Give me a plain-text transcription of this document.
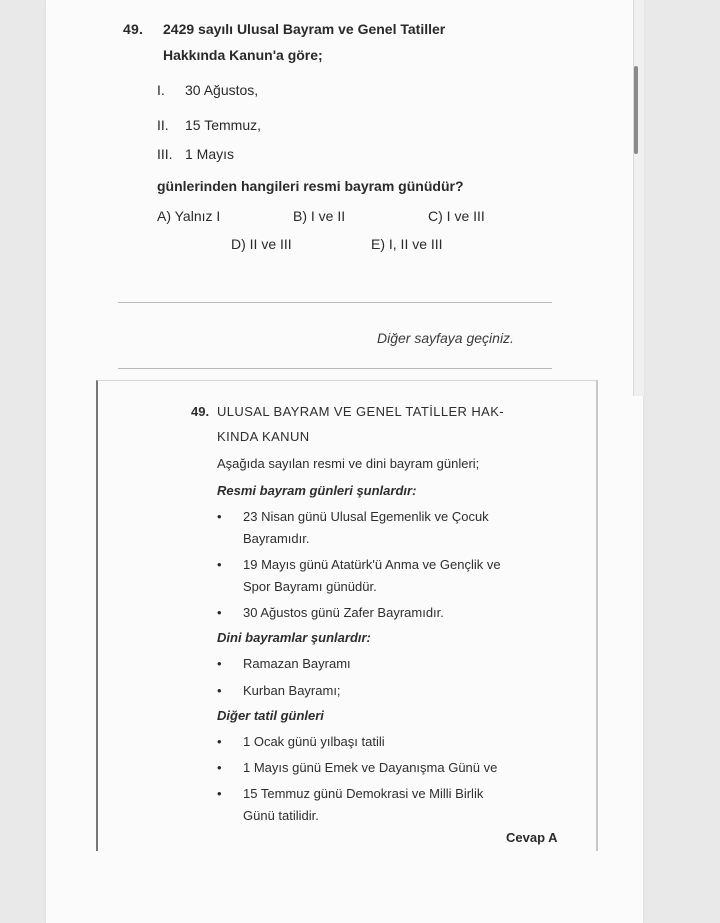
49. 2429 sayılı Ulusal Bayram ve Genel Tatiller
Hakkında Kanun'a göre;
I. 30 Ağustos,
II. 15 Temmuz,
III. 1 Mayıs
günlerinden hangileri resmi bayram günüdür?
A) Yalnız I	B) I ve II	C) I ve III
D) II ve III	E) I, II ve III
Diğer sayfaya geçiniz.
49. ULUSAL BAYRAM VE GENEL TATİLLER HAK-
KINDA KANUN
Aşağıda sayılan resmi ve dini bayram günleri;
Resmi bayram günleri şunlardır:
• 23 Nisan günü Ulusal Egemenlik ve Çocuk
Bayramıdır.
• 19 Mayıs günü Atatürk'ü Anma ve Gençlik ve
Spor Bayramı günüdür.
• 30 Ağustos günü Zafer Bayramıdır.
Dini bayramlar şunlardır:
• Ramazan Bayramı
• Kurban Bayramı;
Diğer tatil günleri
• 1 Ocak günü yılbaşı tatili
• 1 Mayıs günü Emek ve Dayanışma Günü ve
• 15 Temmuz günü Demokrasi ve Milli Birlik
Günü tatilidir.
Cevap A
